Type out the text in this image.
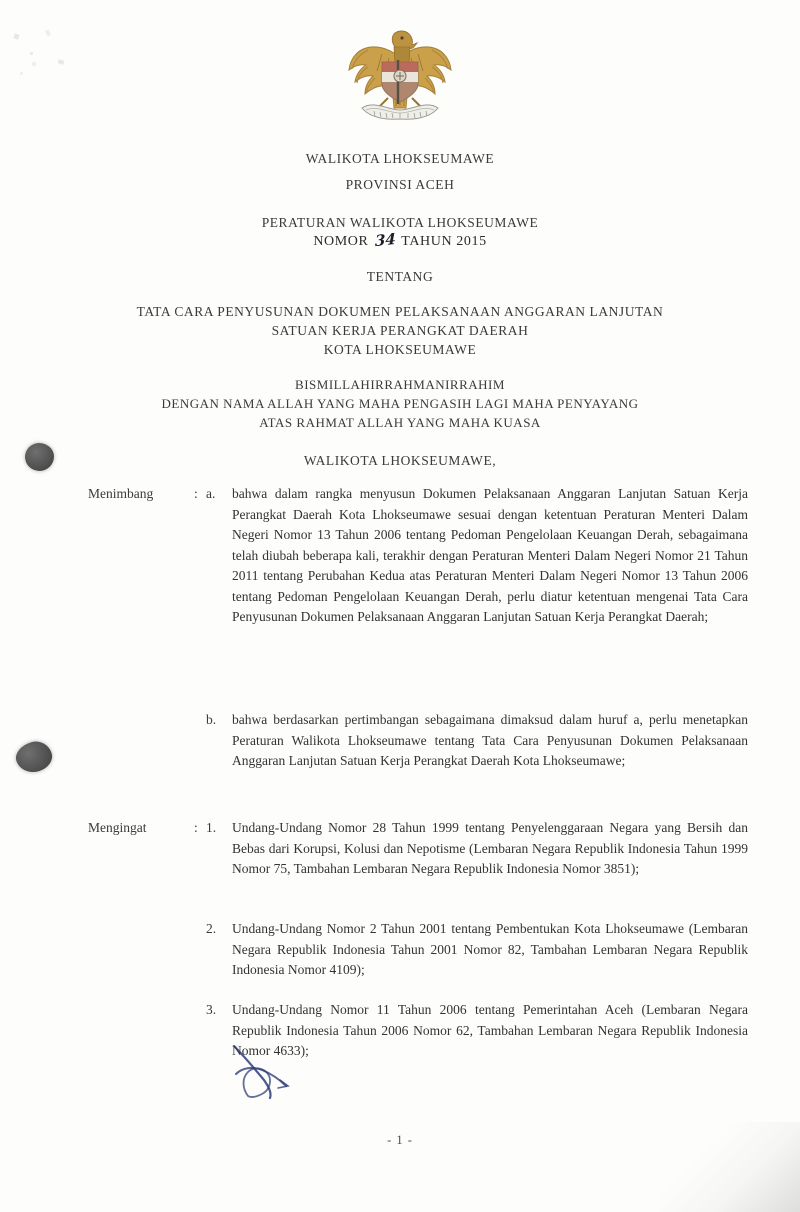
WALIKOTA LHOKSEUMAWE
PROVINSI ACEH
PERATURAN WALIKOTA LHOKSEUMAWE
NOMOR 34 TAHUN 2015
TENTANG
TATA CARA PENYUSUNAN DOKUMEN PELAKSANAAN ANGGARAN LANJUTAN
SATUAN KERJA PERANGKAT DAERAH
KOTA LHOKSEUMAWE
BISMILLAHIRRAHMANIRRAHIM
DENGAN NAMA ALLAH YANG MAHA PENGASIH LAGI MAHA PENYAYANG
ATAS RAHMAT ALLAH YANG MAHA KUASA
WALIKOTA LHOKSEUMAWE,
Menimbang	: a.	bahwa dalam rangka menyusun Dokumen Pelaksanaan Anggaran Lanjutan Satuan Kerja Perangkat Daerah Kota Lhokseumawe sesuai dengan ketentuan Peraturan Menteri Dalam Negeri Nomor 13 Tahun 2006 tentang Pedoman Pengelolaan Keuangan Derah, sebagaimana telah diubah beberapa kali, terakhir dengan Peraturan Menteri Dalam Negeri Nomor 21 Tahun 2011 tentang Perubahan Kedua atas Peraturan Menteri Dalam Negeri Nomor 13 Tahun 2006 tentang Pedoman Pengelolaan Keuangan Derah, perlu diatur ketentuan mengenai Tata Cara Penyusunan Dokumen Pelaksanaan Anggaran Lanjutan Satuan Kerja Perangkat Daerah;
b.	bahwa berdasarkan pertimbangan sebagaimana dimaksud dalam huruf a, perlu menetapkan Peraturan Walikota Lhokseumawe tentang Tata Cara Penyusunan Dokumen Pelaksanaan Anggaran Lanjutan Satuan Kerja Perangkat Daerah Kota Lhokseumawe;
Mengingat	: 1.	Undang-Undang Nomor 28 Tahun 1999 tentang Penyelenggaraan Negara yang Bersih dan Bebas dari Korupsi, Kolusi dan Nepotisme (Lembaran Negara Republik Indonesia Tahun 1999 Nomor 75, Tambahan Lembaran Negara Republik Indonesia Nomor 3851);
2.	Undang-Undang Nomor 2 Tahun 2001 tentang Pembentukan Kota Lhokseumawe (Lembaran Negara Republik Indonesia Tahun 2001 Nomor 82, Tambahan Lembaran Negara Republik Indonesia Nomor 4109);
3.	Undang-Undang Nomor 11 Tahun 2006 tentang Pemerintahan Aceh (Lembaran Negara Republik Indonesia Tahun 2006 Nomor 62, Tambahan Lembaran Negara Republik Indonesia Nomor 4633);
- 1 -
